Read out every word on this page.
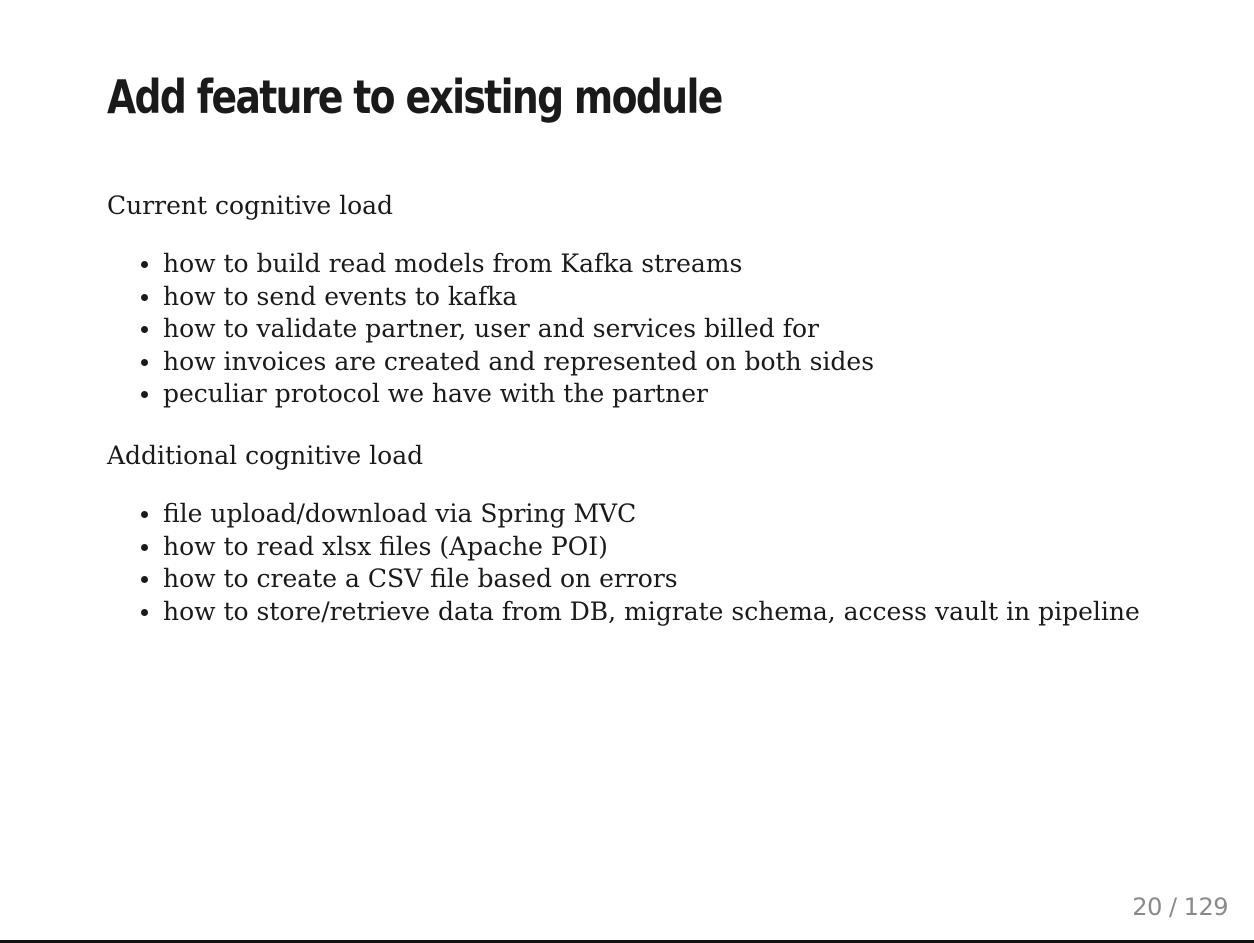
Add feature to existing module
Current cognitive load
how to build read models from Kafka streams
how to send events to kafka
how to validate partner, user and services billed for
how invoices are created and represented on both sides
peculiar protocol we have with the partner
Additional cognitive load
file upload/download via Spring MVC
how to read xlsx files (Apache POI)
how to create a CSV file based on errors
how to store/retrieve data from DB, migrate schema, access vault in pipeline
20 / 129
